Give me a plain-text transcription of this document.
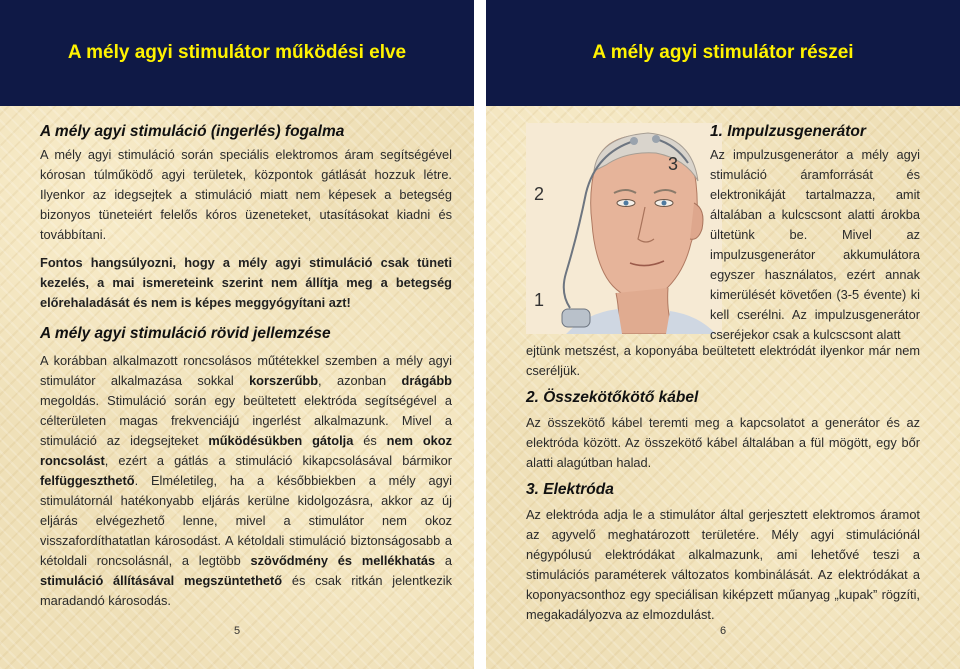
A mély agyi stimulátor működési elve
A mély agyi stimuláció (ingerlés) fogalma

A mély agyi stimuláció során speciális elektromos áram segítségével kórosan túlműködő agyi területek, központok gátlását hozzuk létre. Ilyenkor az idegsejtek a stimuláció miatt nem képesek a betegség bizonyos tüneteiért felelős kóros üzeneteket, utasításokat kiadni és továbbítani.

Fontos hangsúlyozni, hogy a mély agyi stimuláció csak tüneti kezelés, a mai ismereteink szerint nem állítja meg a betegség előrehaladását és nem is képes meggyógyítani azt!

A mély agyi stimuláció rövid jellemzése

A korábban alkalmazott roncsolásos műtétekkel szemben a mély agyi stimulátor alkalmazása sokkal korszerűbb, azonban drágább megoldás. Stimuláció során egy beültetett elektróda segítségével a célterületen magas frekvenciájú ingerlést alkalmazunk. Mivel a stimuláció az idegsejteket működésükben gátolja és nem okoz roncsolást, ezért a gátlás a stimuláció kikapcsolásával bármikor felfüggeszthető. Elméletileg, ha a későbbiekben a mély agyi stimulátornál hatékonyabb eljárás kerülne kidolgozásra, akkor az új eljárás elvégezhető lenne, mivel a stimulátor nem okoz visszafordíthatatlan károsodást. A kétoldali stimuláció biztonságosabb a kétoldali roncsolásnál, a legtöbb szövődmény és mellékhatás a stimuláció állításával megszüntethető és csak ritkán jelentkezik maradandó károsodás.

5
A mély agyi stimulátor részei
1
2
3
1. Impulzusgenerátor

Az impulzusgenerátor a mély agyi stimuláció áramforrását és elektronikáját tartalmazza, amit általában a kulcscsont alatti árokba ültetünk be. Mivel az impulzusgenerátor akkumulátora egyszer használatos, ezért annak kimerülését követően (3-5 évente) ki kell cserélni. Az impulzusgenerátor cseréjekor csak a kulcscsont alatt

ejtünk metszést, a koponyába beültetett elektródát ilyenkor már nem cseréljük.

2. Összekötőkötő kábel

Az összekötő kábel teremti meg a kapcsolatot a generátor és az elektróda között. Az összekötő kábel általában a fül mögött, egy bőr alatti alagútban halad.

3. Elektróda

Az elektróda adja le a stimulátor által gerjesztett elektromos áramot az agyvelő meghatározott területére. Mély agyi stimulációnál négypólusú elektródákat alkalmazunk, ami lehetővé teszi a stimulációs paraméterek változatos kombinálását. Az elektródákat a koponyacsonthoz egy speciálisan kiképzett műanyag „kupak” rögzíti, megakadályozva az elmozdulást.

6
